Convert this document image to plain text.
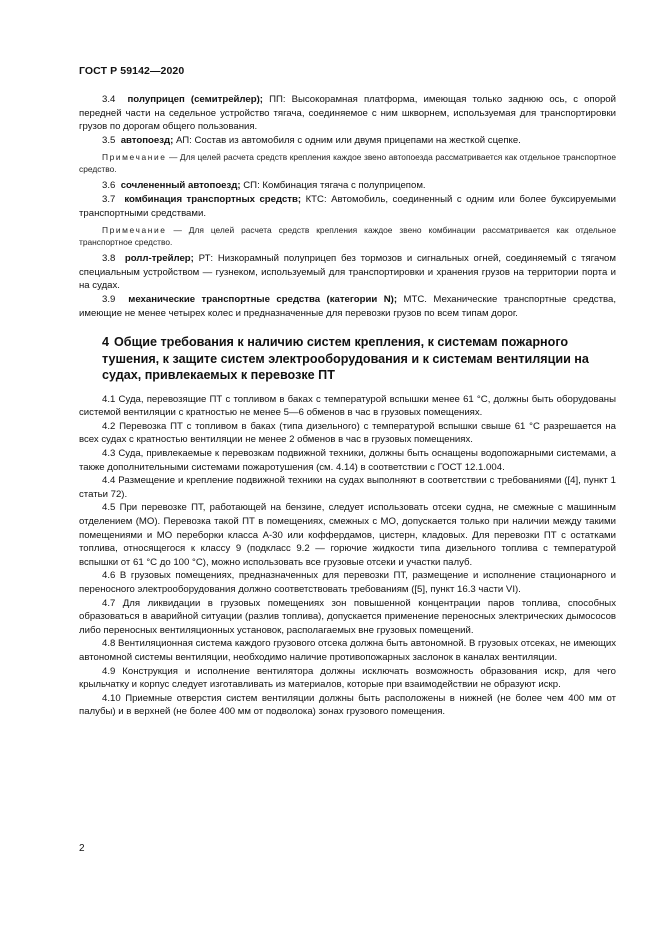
ГОСТ Р 59142—2020

3.4 полуприцеп (семитрейлер); ПП: Высокорамная платформа, имеющая только заднюю ось, с опорой передней части на седельное устройство тягача, соединяемое с ним шкворнем, используемая для транспортировки грузов по дорогам общего пользования.

3.5 автопоезд; АП: Состав из автомобиля с одним или двумя прицепами на жесткой сцепке.

Примечание — Для целей расчета средств крепления каждое звено автопоезда рассматривается как отдельное транспортное средство.

3.6 сочлененный автопоезд; СП: Комбинация тягача с полуприцепом.

3.7 комбинация транспортных средств; КТС: Автомобиль, соединенный с одним или более буксируемыми транспортными средствами.

Примечание — Для целей расчета средств крепления каждое звено комбинации рассматривается как отдельное транспортное средство.

3.8 ролл-трейлер; РТ: Низкорамный полуприцеп без тормозов и сигнальных огней, соединяемый с тягачом специальным устройством — гузнеком, используемый для транспортировки и хранения грузов на территории порта и на судах.

3.9 механические транспортные средства (категории N); МТС. Механические транспортные средства, имеющие не менее четырех колес и предназначенные для перевозки грузов по всем типам дорог.

4 Общие требования к наличию систем крепления, к системам пожарного тушения, к защите систем электрооборудования и к системам вентиляции на судах, привлекаемых к перевозке ПТ

4.1 Суда, перевозящие ПТ с топливом в баках с температурой вспышки менее 61 °С, должны быть оборудованы системой вентиляции с кратностью не менее 5—6 обменов в час в грузовых помещениях.

4.2 Перевозка ПТ с топливом в баках (типа дизельного) с температурой вспышки свыше 61 °С разрешается на всех судах с кратностью вентиляции не менее 2 обменов в час в грузовых помещениях.

4.3 Суда, привлекаемые к перевозкам подвижной техники, должны быть оснащены водопожарными системами, а также дополнительными системами пожаротушения (см. 4.14) в соответствии с ГОСТ 12.1.004.

4.4 Размещение и крепление подвижной техники на судах выполняют в соответствии с требованиями ([4], пункт 1 статьи 72).

4.5 При перевозке ПТ, работающей на бензине, следует использовать отсеки судна, не смежные с машинным отделением (МО). Перевозка такой ПТ в помещениях, смежных с МО, допускается только при наличии между такими помещениями и МО переборки класса А-30 или коффердамов, цистерн, кладовых. Для перевозки ПТ с остатками топлива, относящегося к классу 9 (подкласс 9.2 — горючие жидкости типа дизельного топлива с температурой вспышки от 61 °С до 100 °С), можно использовать все грузовые отсеки и участки палуб.

4.6 В грузовых помещениях, предназначенных для перевозки ПТ, размещение и исполнение стационарного и переносного электрооборудования должно соответствовать требованиям ([5], пункт 16.3 части VI).

4.7 Для ликвидации в грузовых помещениях зон повышенной концентрации паров топлива, способных образоваться в аварийной ситуации (разлив топлива), допускается применение переносных электрических дымососов либо переносных вентиляционных установок, располагаемых вне грузовых помещений.

4.8 Вентиляционная система каждого грузового отсека должна быть автономной. В грузовых отсеках, не имеющих автономной системы вентиляции, необходимо наличие противопожарных заслонок в каналах вентиляции.

4.9 Конструкция и исполнение вентилятора должны исключать возможность образования искр, для чего крыльчатку и корпус следует изготавливать из материалов, которые при взаимодействии не образуют искр.

4.10 Приемные отверстия систем вентиляции должны быть расположены в нижней (не более чем 400 мм от палубы) и в верхней (не более 400 мм от подволока) зонах грузового помещения.

2
